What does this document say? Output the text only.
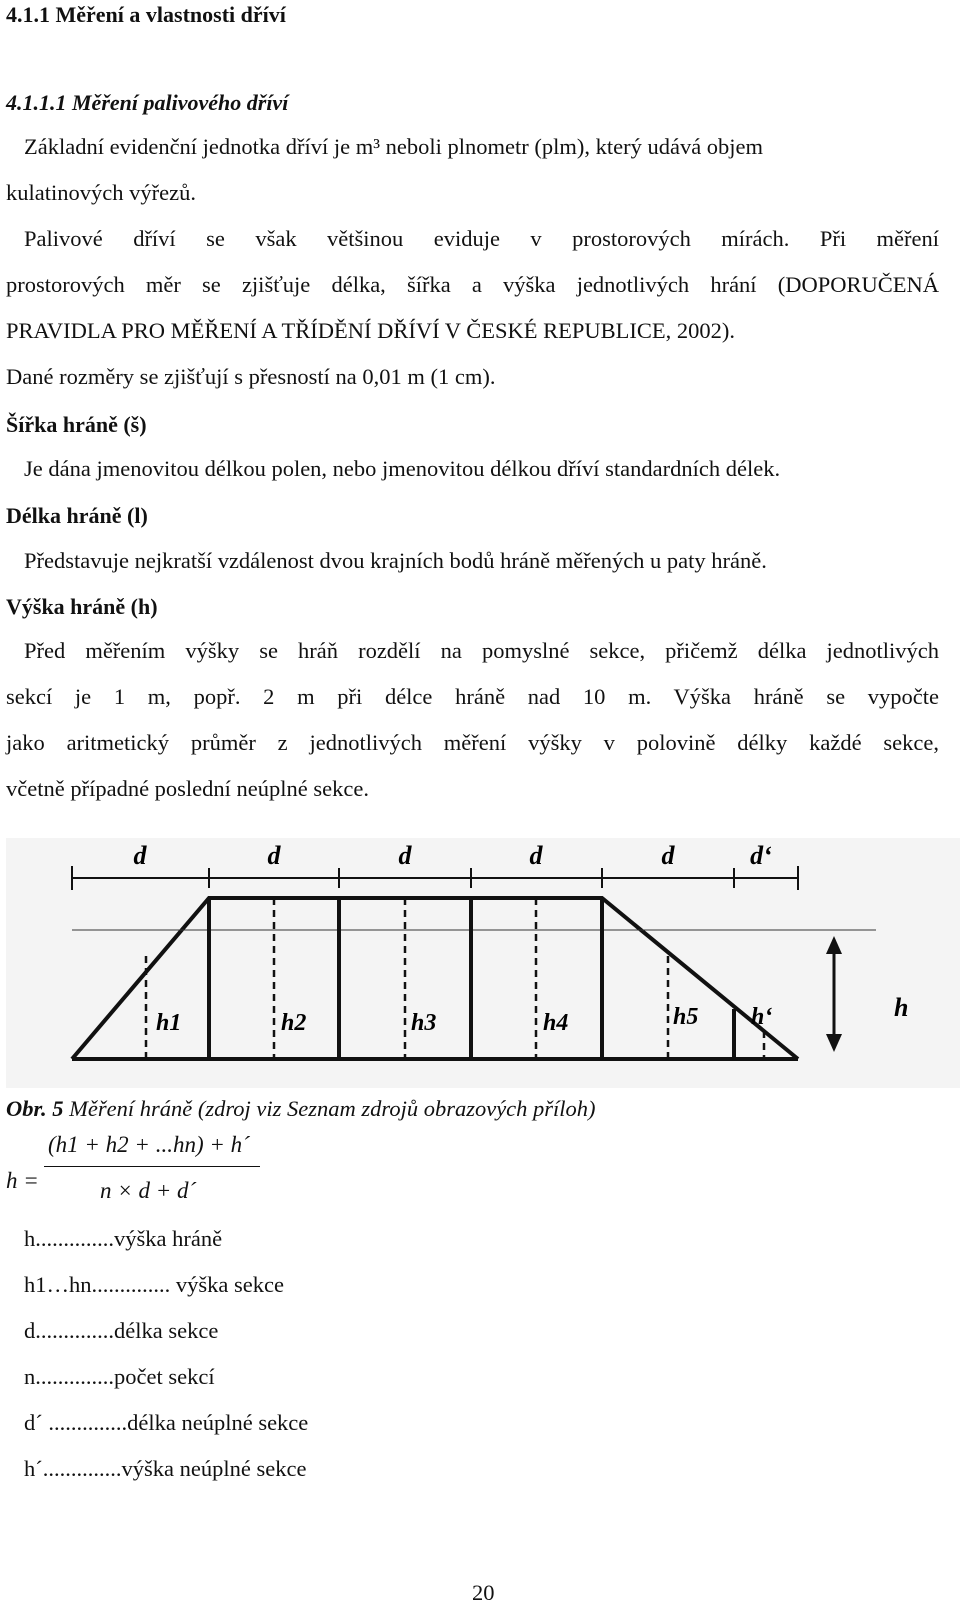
4.1.1 Měření a vlastnosti dříví
4.1.1.1 Měření palivového dříví
Základní evidenční jednotka dříví je m³ neboli plnometr (plm), který udává objem
kulatinových výřezů.
Palivové dříví se však většinou eviduje v prostorových mírách. Při měření
prostorových měr se zjišťuje délka, šířka a výška jednotlivých hrání (DOPORUČENÁ
PRAVIDLA PRO MĚŘENÍ A TŘÍDĚNÍ DŘÍVÍ V ČESKÉ REPUBLICE, 2002).
Dané rozměry se zjišťují s přesností na 0,01 m (1 cm).
Šířka hráně (š)
Je dána jmenovitou délkou polen, nebo jmenovitou délkou dříví standardních délek.
Délka hráně (l)
Představuje nejkratší vzdálenost dvou krajních bodů hráně měřených u paty hráně.
Výška hráně (h)
Před měřením výšky se hráň rozdělí na pomyslné sekce, přičemž délka jednotlivých
sekcí je 1 m, popř. 2 m při délce hráně nad 10 m. Výška hráně se vypočte
jako aritmetický průměr z jednotlivých měření výšky v polovině délky každé sekce,
včetně případné poslední neúplné sekce.
d	d	d	d	d	d‘
h1	h2	h3	h4	h5 h‘	h
Obr. 5 Měření hráně (zdroj viz Seznam zdrojů obrazových příloh)
h =
(h1 + h2 + ...hn) + h´
n × d + d´
h..............výška hráně
h1…hn.............. výška sekce
d..............délka sekce
n..............počet sekcí
d´ ..............délka neúplné sekce
h´..............výška neúplné sekce
20
